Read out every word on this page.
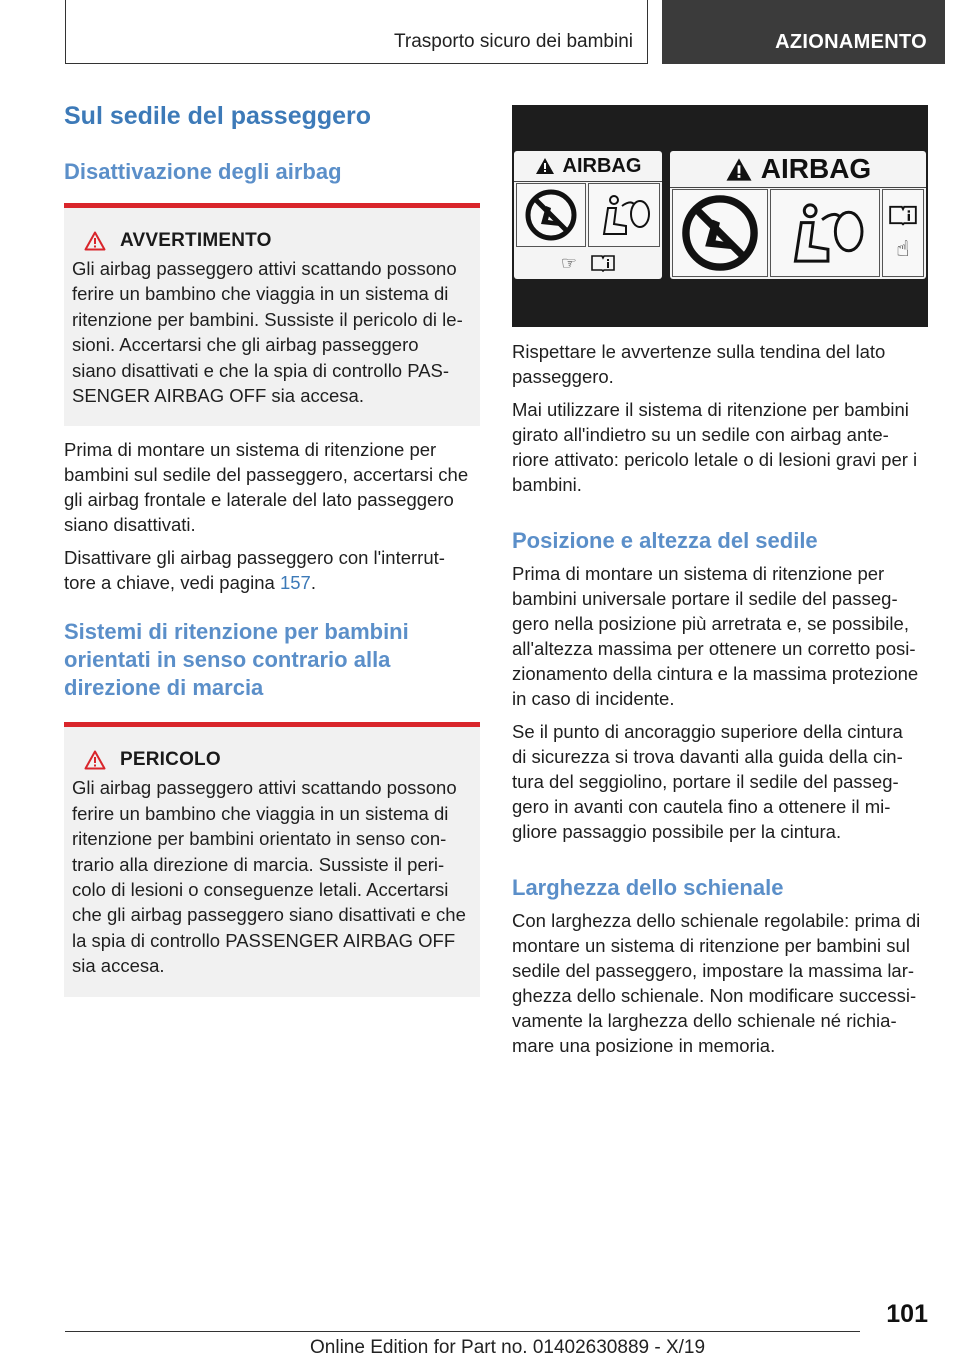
Trasporto sicuro dei bambini	AZIONAMENTO
Sul sedile del passeggero
Disattivazione degli airbag
AVVERTIMENTO

Gli airbag passeggero attivi scattando possono
ferire un bambino che viaggia in un sistema di
ritenzione per bambini. Sussiste il pericolo di le-
sioni. Accertarsi che gli airbag passeggero
siano disattivati e che la spia di controllo PAS-
SENGER AIRBAG OFF sia accesa.

Prima di montare un sistema di ritenzione per
bambini sul sedile del passeggero, accertarsi che
gli airbag frontale e laterale del lato passeggero
siano disattivati.

Disattivare gli airbag passeggero con l'interrut-
tore a chiave, vedi pagina 157.

Sistemi di ritenzione per bambini
orientati in senso contrario alla
direzione di marcia
PERICOLO

Gli airbag passeggero attivi scattando possono
ferire un bambino che viaggia in un sistema di
ritenzione per bambini orientato in senso con-
trario alla direzione di marcia. Sussiste il peri-
colo di lesioni o conseguenze letali. Accertarsi
che gli airbag passeggero siano disattivati e che
la spia di controllo PASSENGER AIRBAG OFF
sia accesa.

AIRBAG
☞
AIRBAG
☝

Rispettare le avvertenze sulla tendina del lato
passeggero.

Mai utilizzare il sistema di ritenzione per bambini
girato all'indietro su un sedile con airbag ante-
riore attivato: pericolo letale o di lesioni gravi per i
bambini.

Posizione e altezza del sedile

Prima di montare un sistema di ritenzione per
bambini universale portare il sedile del passeg-
gero nella posizione più arretrata e, se possibile,
all'altezza massima per ottenere un corretto posi-
zionamento della cintura e la massima protezione
in caso di incidente.

Se il punto di ancoraggio superiore della cintura
di sicurezza si trova davanti alla guida della cin-
tura del seggiolino, portare il sedile del passeg-
gero in avanti con cautela fino a ottenere il mi-
gliore passaggio possibile per la cintura.

Larghezza dello schienale

Con larghezza dello schienale regolabile: prima di
montare un sistema di ritenzione per bambini sul
sedile del passeggero, impostare la massima lar-
ghezza dello schienale. Non modificare successi-
vamente la larghezza dello schienale né richia-
mare una posizione in memoria.

101
Online Edition for Part no. 01402630889 - X/19
